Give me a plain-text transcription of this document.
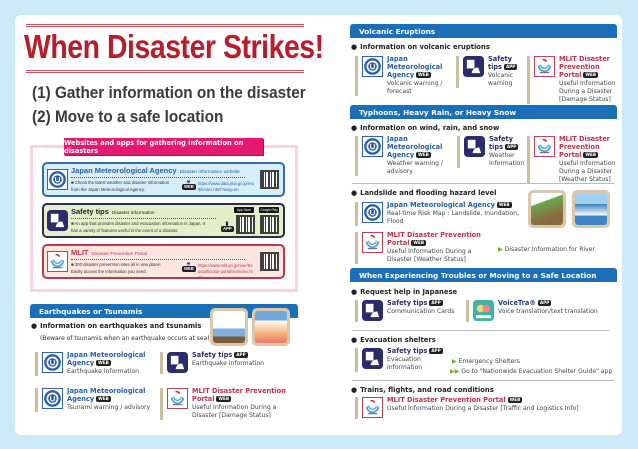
When Disaster Strikes!
(1) Gather information on the disaster
(2) Move to a safe location
Websites and apps for gathering information on disasters
Japan Meteorological Agency Disaster information website
■ Check the latest weather and disaster information from the Japan Meteorological Agency.
💻
WEB
https://www.data.jma.go.jp/multi/index.html?lang=en
Safety tips Disaster information
■ An app that provides disaster and evacuation information in Japan. It has a variety of features useful in the event of a disaster.
📱
APP
App Store	Google Play
MLIT Disaster Prevention Portal
■ 300 disaster prevention sites all in one place! Easily access the information you need.
💻
WEB
https://www.mlit.go.jp/river/bousai/bousai-portal/en/index.html
Earthquakes or Tsunamis
● Information on earthquakes and tsunamis
(Beware of tsunamis when an earthquake occurs at sea)
Japan Meteorological Agency WEB
Earthquake information
Safety tips APP
Earthquake information
Japan Meteorological Agency WEB
Tsunami warning / advisory
MLIT Disaster Prevention Portal WEB
Useful Information During a Disaster [Damage Status]
Volcanic Eruptions
● Information on volcanic eruptions
Japan Meteorological Agency WEB
Volcanic warning / forecast
Safety tips APP
Volcanic warning
MLIT Disaster Prevention Portal WEB
Useful Information During a Disaster [Damage Status]
Typhoons, Heavy Rain, or Heavy Snow
● Information on wind, rain, and snow
Japan Meteorological Agency WEB
Weather warning / advisory
Safety tips APP
Weather Information
MLIT Disaster Prevention Portal WEB
Useful Information During a Disaster [Weather Status]
● Landslide and flooding hazard level
Japan Meteorological Agency WEB
Real-time Risk Map : Landslide, Inundation, Flood
MLIT Disaster Prevention Portal WEB
Useful Information During a Disaster [Weather Status]
▶ Disaster Information for River
When Experiencing Troubles or Moving to a Safe Location
● Request help in Japanese
Safety tips APP
Communication Cards
VoiceTra® APP
Voice translation/text translation
● Evacuation shelters
Safety tips APP
Evacuation information
▶ Emergency Shelters
▶▶ Go to "Nationwide Evacuation Shelter Guide" app
● Trains, flights, and road conditions
MLIT Disaster Prevention Portal WEB
Useful Information During a Disaster [Traffic and Logistics Info]
